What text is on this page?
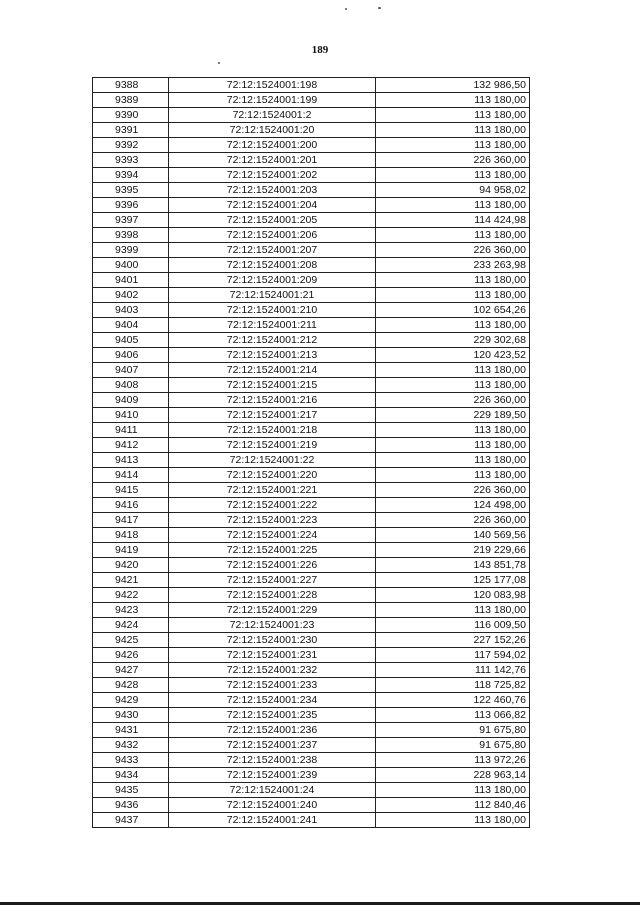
189
9388	72:12:1524001:198	132 986,50
9389	72:12:1524001:199	113 180,00
9390	72:12:1524001:2	113 180,00
9391	72:12:1524001:20	113 180,00
9392	72:12:1524001:200	113 180,00
9393	72:12:1524001:201	226 360,00
9394	72:12:1524001:202	113 180,00
9395	72:12:1524001:203	94 958,02
9396	72:12:1524001:204	113 180,00
9397	72:12:1524001:205	114 424,98
9398	72:12:1524001:206	113 180,00
9399	72:12:1524001:207	226 360,00
9400	72:12:1524001:208	233 263,98
9401	72:12:1524001:209	113 180,00
9402	72:12:1524001:21	113 180,00
9403	72:12:1524001:210	102 654,26
9404	72:12:1524001:211	113 180,00
9405	72:12:1524001:212	229 302,68
9406	72:12:1524001:213	120 423,52
9407	72:12:1524001:214	113 180,00
9408	72:12:1524001:215	113 180,00
9409	72:12:1524001:216	226 360,00
9410	72:12:1524001:217	229 189,50
9411	72:12:1524001:218	113 180,00
9412	72:12:1524001:219	113 180,00
9413	72:12:1524001:22	113 180,00
9414	72:12:1524001:220	113 180,00
9415	72:12:1524001:221	226 360,00
9416	72:12:1524001:222	124 498,00
9417	72:12:1524001:223	226 360,00
9418	72:12:1524001:224	140 569,56
9419	72:12:1524001:225	219 229,66
9420	72:12:1524001:226	143 851,78
9421	72:12:1524001:227	125 177,08
9422	72:12:1524001:228	120 083,98
9423	72:12:1524001:229	113 180,00
9424	72:12:1524001:23	116 009,50
9425	72:12:1524001:230	227 152,26
9426	72:12:1524001:231	117 594,02
9427	72:12:1524001:232	111 142,76
9428	72:12:1524001:233	118 725,82
9429	72:12:1524001:234	122 460,76
9430	72:12:1524001:235	113 066,82
9431	72:12:1524001:236	91 675,80
9432	72:12:1524001:237	91 675,80
9433	72:12:1524001:238	113 972,26
9434	72:12:1524001:239	228 963,14
9435	72:12:1524001:24	113 180,00
9436	72:12:1524001:240	112 840,46
9437	72:12:1524001:241	113 180,00
